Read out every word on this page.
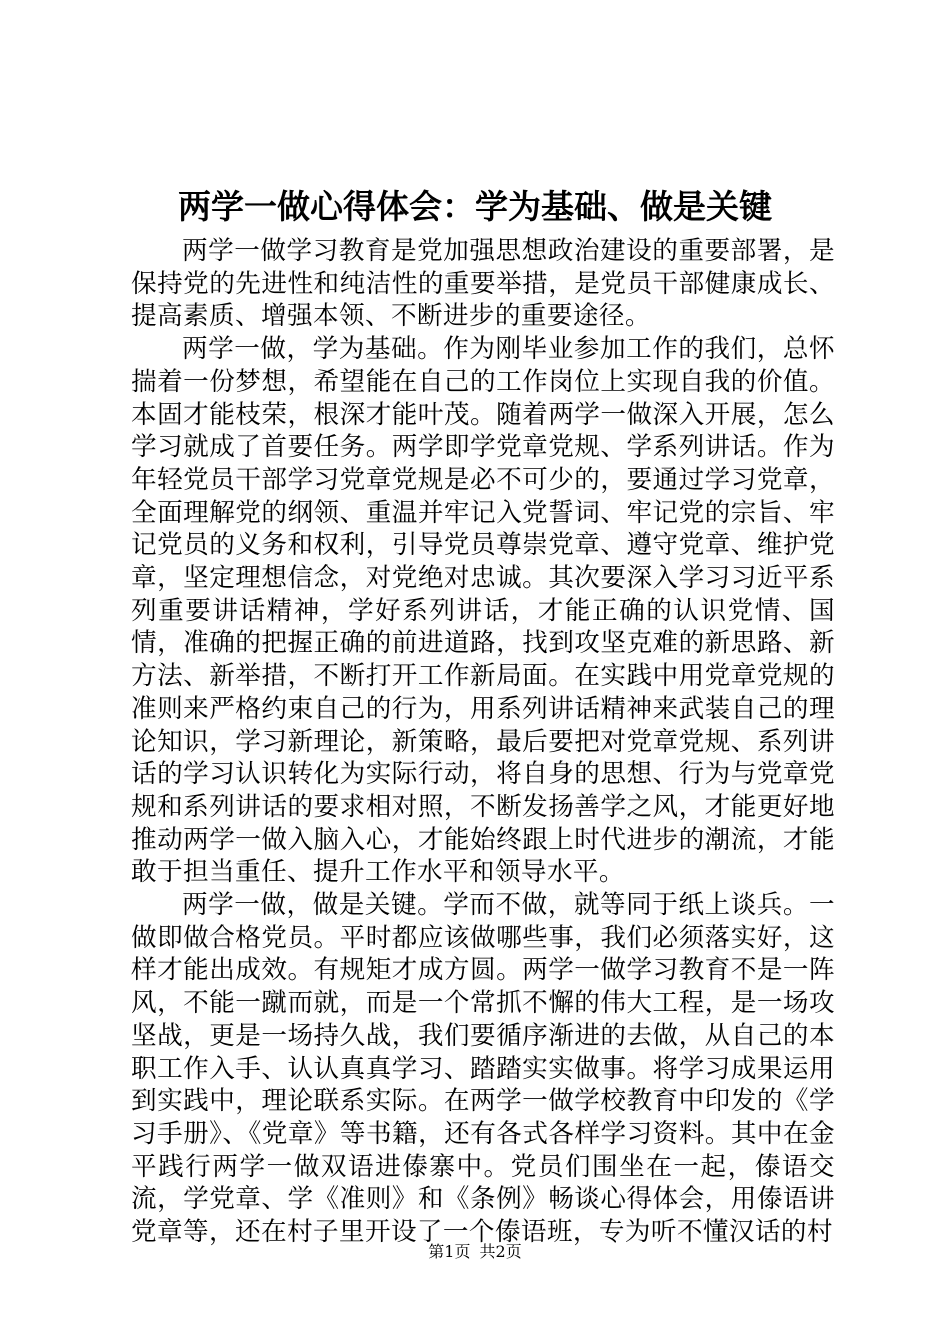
两学一做心得体会：学为基础、做是关键

两学一做学习教育是党加强思想政治建设的重要部署，是保持党的先进性和纯洁性的重要举措，是党员干部健康成长、提高素质、增强本领、不断进步的重要途径。

两学一做，学为基础。作为刚毕业参加工作的我们，总怀揣着一份梦想，希望能在自己的工作岗位上实现自我的价值。本固才能枝荣，根深才能叶茂。随着两学一做深入开展，怎么学习就成了首要任务。两学即学党章党规、学系列讲话。作为年轻党员干部学习党章党规是必不可少的，要通过学习党章，全面理解党的纲领、重温并牢记入党誓词、牢记党的宗旨、牢记党员的义务和权利，引导党员尊崇党章、遵守党章、维护党章，坚定理想信念，对党绝对忠诚。其次要深入学习习近平系列重要讲话精神，学好系列讲话，才能正确的认识党情、国情，准确的把握正确的前进道路，找到攻坚克难的新思路、新方法、新举措，不断打开工作新局面。在实践中用党章党规的准则来严格约束自己的行为，用系列讲话精神来武装自己的理论知识，学习新理论，新策略，最后要把对党章党规、系列讲话的学习认识转化为实际行动，将自身的思想、行为与党章党规和系列讲话的要求相对照，不断发扬善学之风，才能更好地推动两学一做入脑入心，才能始终跟上时代进步的潮流，才能敢于担当重任、提升工作水平和领导水平。

两学一做，做是关键。学而不做，就等同于纸上谈兵。一做即做合格党员。平时都应该做哪些事，我们必须落实好，这样才能出成效。有规矩才成方圆。两学一做学习教育不是一阵风，不能一蹴而就，而是一个常抓不懈的伟大工程，是一场攻坚战，更是一场持久战，我们要循序渐进的去做，从自己的本职工作入手、认认真真学习、踏踏实实做事。将学习成果运用到实践中，理论联系实际。在两学一做学校教育中印发的《学习手册》、《党章》等书籍，还有各式各样学习资料。其中在金平践行两学一做双语进傣寨中。党员们围坐在一起，傣语交流，学党章、学《准则》和《条例》畅谈心得体会，用傣语讲党章等，还在村子里开设了一个傣语班，专为听不懂汉话的村

第1页 共2页
